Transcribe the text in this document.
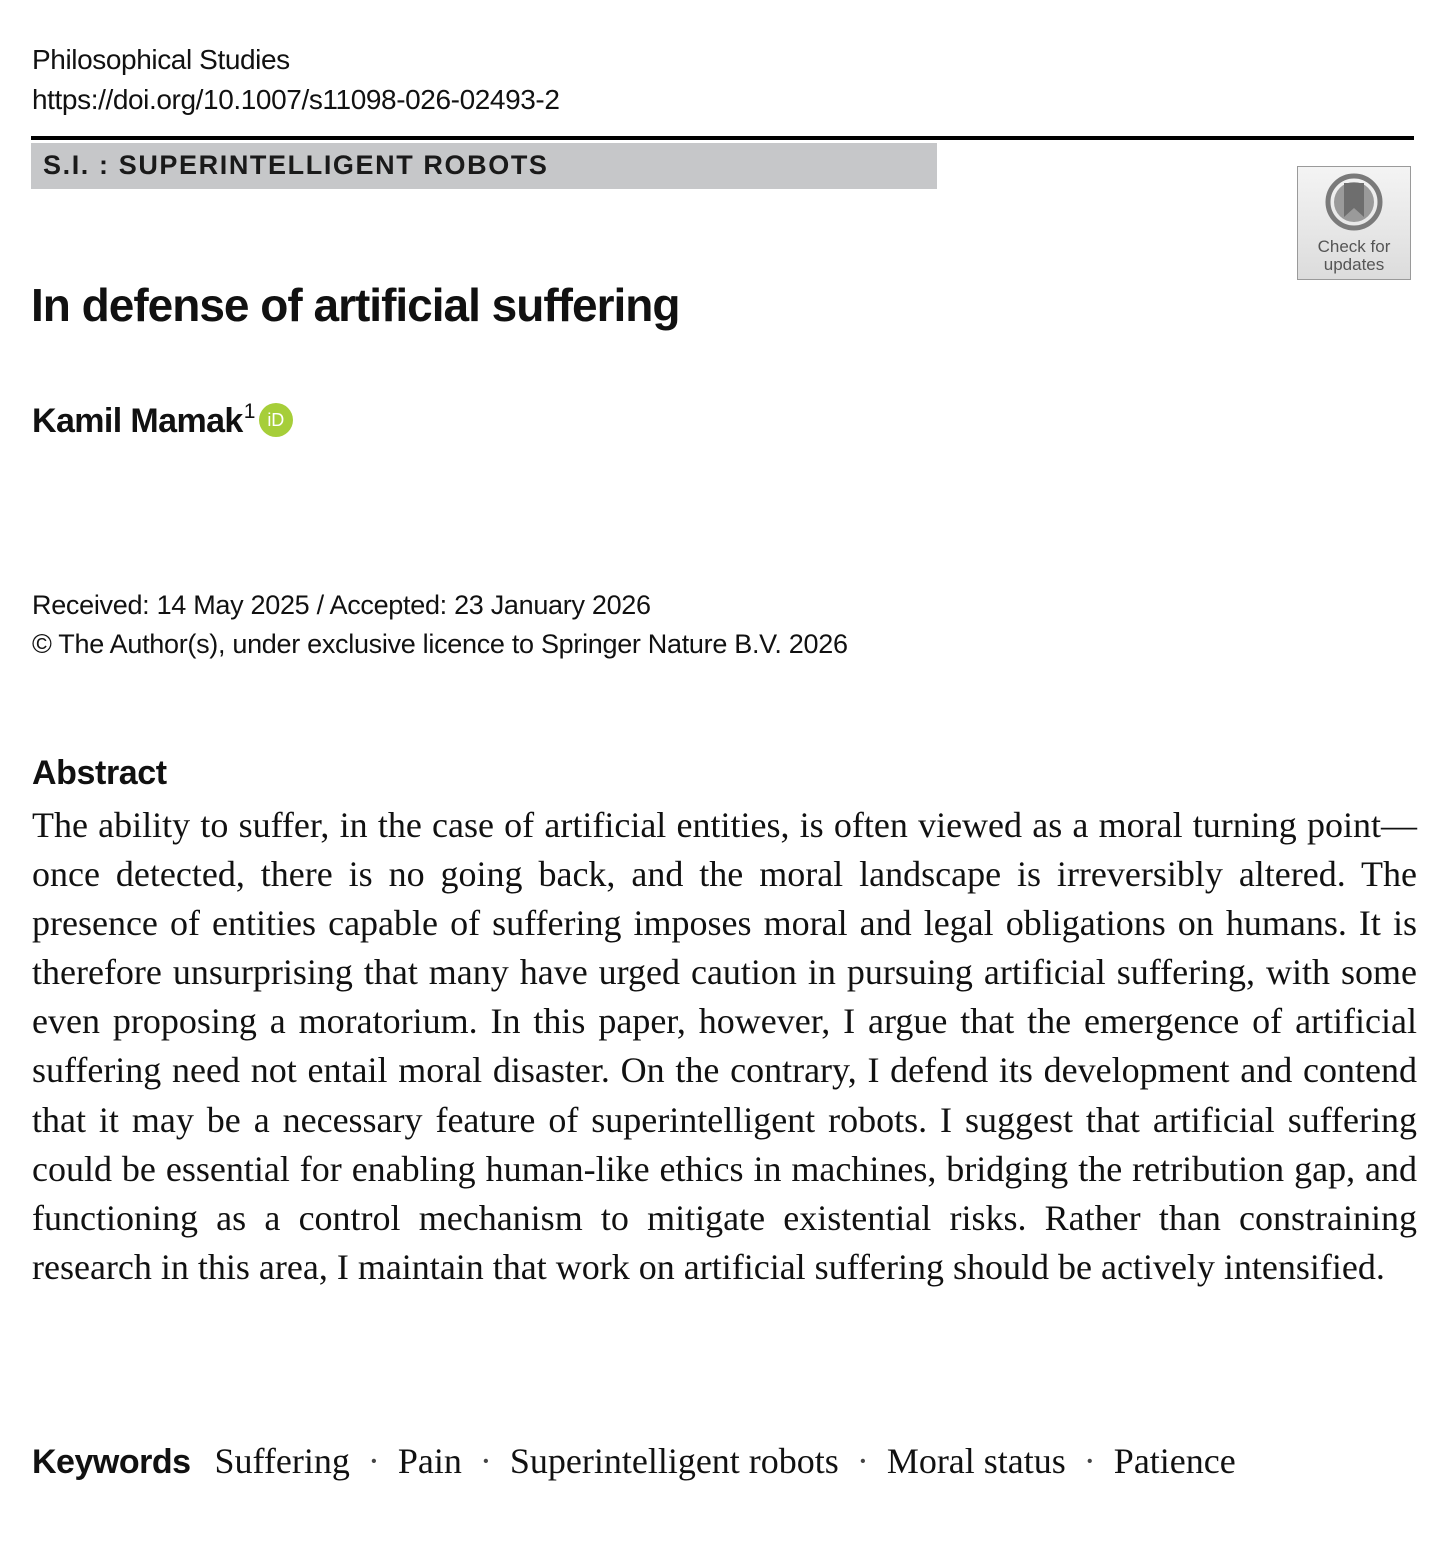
Philosophical Studies
https://doi.org/10.1007/s11098-026-02493-2
S.I. : SUPERINTELLIGENT ROBOTS
Check for
updates
In defense of artificial suffering
Kamil Mamak$^1$ iD
Received: 14 May 2025 / Accepted: 23 January 2026
© The Author(s), under exclusive licence to Springer Nature B.V. 2026
Abstract
The ability to suffer, in the case of artificial entities, is often viewed as a moral turning point—once detected, there is no going back, and the moral landscape is irreversibly altered. The presence of entities capable of suffering imposes moral and legal obligations on humans. It is therefore unsurprising that many have urged caution in pursuing artificial suffering, with some even proposing a moratorium. In this paper, however, I argue that the emergence of artificial suffering need not entail moral disaster. On the contrary, I defend its development and contend that it may be a necessary feature of superintelligent robots. I suggest that artificial suffering could be essential for enabling human-like ethics in machines, bridging the retribution gap, and functioning as a control mechanism to mitigate existential risks. Rather than constraining research in this area, I maintain that work on artificial suffering should be actively intensified.
Keywords Suffering · Pain · Superintelligent robots · Moral status · Patience
